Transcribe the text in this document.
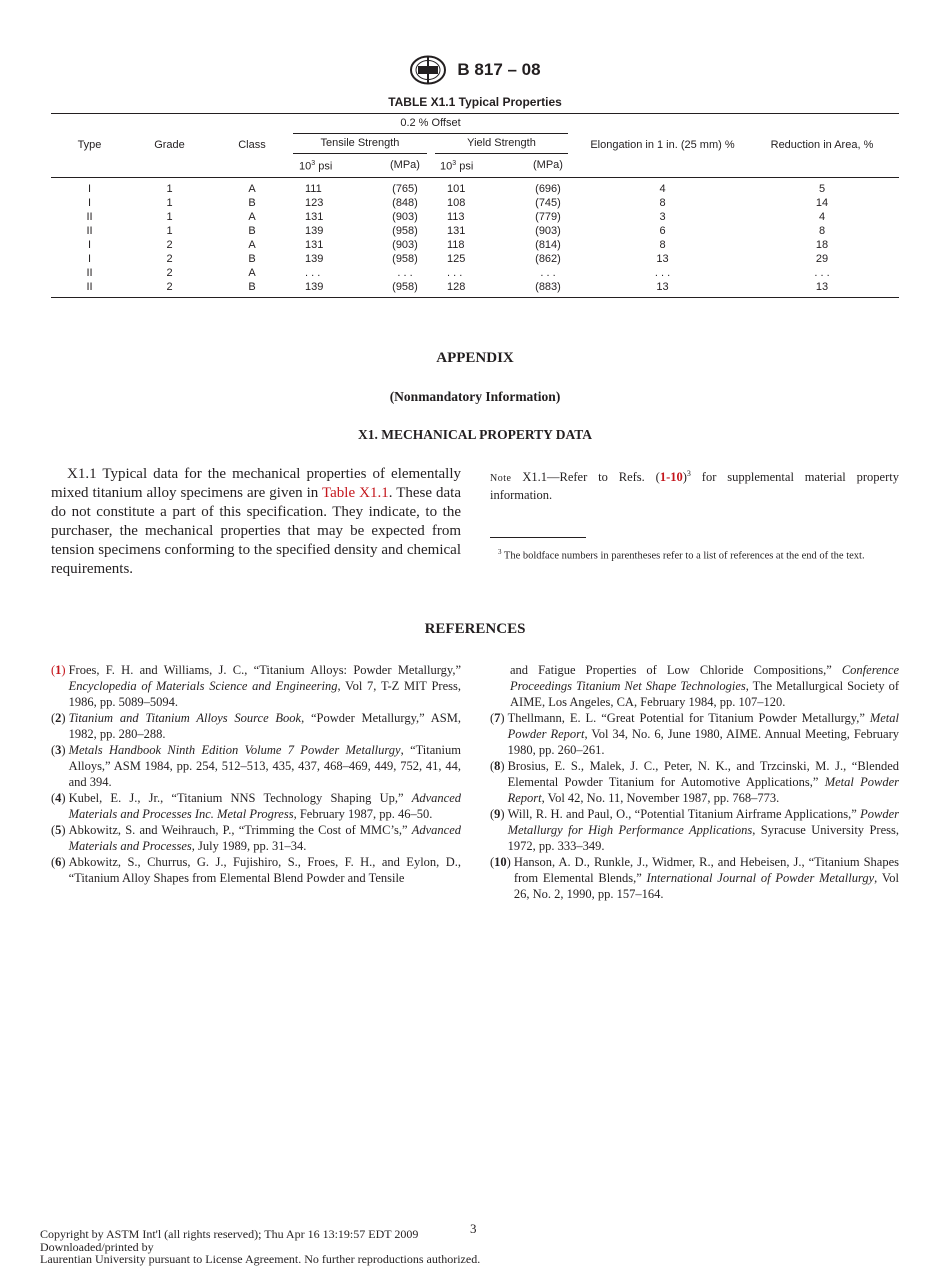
B 817 – 08
TABLE X1.1 Typical Properties
Type	Grade	Class	0.2 % Offset						Elongation in 1 in. (25 mm) %	Reduction in Area, %
			Tensile Strength			Yield Strength				
			$10^3$ psi	(MPa)		$10^3$ psi	(MPa)			
I	1	A	111	(765)		101	(696)		4	5
I	1	B	123	(848)		108	(745)		8	14
II	1	A	131	(903)		113	(779)		3	4
II	1	B	139	(958)		131	(903)		6	8
I	2	A	131	(903)		118	(814)		8	18
I	2	B	139	(958)		125	(862)		13	29
II	2	A	. . .	. . .		. . .	. . .		. . .	. . .
II	2	B	139	(958)		128	(883)		13	13
APPENDIX
(Nonmandatory Information)
X1. MECHANICAL PROPERTY DATA
X1.1 Typical data for the mechanical properties of elementally mixed titanium alloy specimens are given in Table X1.1. These data do not constitute a part of this specification. They indicate, to the purchaser, the mechanical properties that may be expected from tension specimens conforming to the specified density and chemical requirements.
Note X1.1—Refer to Refs. $(1-10)^3$ for supplemental material property information.
$^3$ The boldface numbers in parentheses refer to a list of references at the end of the text.
REFERENCES
(1) Froes, F. H. and Williams, J. C., “Titanium Alloys: Powder Metallurgy,” Encyclopedia of Materials Science and Engineering, Vol 7, T-Z MIT Press, 1986, pp. 5089–5094.
(2) Titanium and Titanium Alloys Source Book, “Powder Metallurgy,” ASM, 1982, pp. 280–288.
(3) Metals Handbook Ninth Edition Volume 7 Powder Metallurgy, “Titanium Alloys,” ASM 1984, pp. 254, 512–513, 435, 437, 468–469, 449, 752, 41, 44, and 394.
(4) Kubel, E. J., Jr., “Titanium NNS Technology Shaping Up,” Advanced Materials and Processes Inc. Metal Progress, February 1987, pp. 46–50.
(5) Abkowitz, S. and Weihrauch, P., “Trimming the Cost of MMC’s,” Advanced Materials and Processes, July 1989, pp. 31–34.
(6) Abkowitz, S., Churrus, G. J., Fujishiro, S., Froes, F. H., and Eylon, D., “Titanium Alloy Shapes from Elemental Blend Powder and Tensile
and Fatigue Properties of Low Chloride Compositions,” Conference Proceedings Titanium Net Shape Technologies, The Metallurgical Society of AIME, Los Angeles, CA, February 1984, pp. 107–120.
(7) Thellmann, E. L. “Great Potential for Titanium Powder Metallurgy,” Metal Powder Report, Vol 34, No. 6, June 1980, AIME. Annual Meeting, February 1980, pp. 260–261.
(8) Brosius, E. S., Malek, J. C., Peter, N. K., and Trzcinski, M. J., “Blended Elemental Powder Titanium for Automotive Applications,” Metal Powder Report, Vol 42, No. 11, November 1987, pp. 768–773.
(9) Will, R. H. and Paul, O., “Potential Titanium Airframe Applications,” Powder Metallurgy for High Performance Applications, Syracuse University Press, 1972, pp. 333–349.
(10) Hanson, A. D., Runkle, J., Widmer, R., and Hebeisen, J., “Titanium Shapes from Elemental Blends,” International Journal of Powder Metallurgy, Vol 26, No. 2, 1990, pp. 157–164.
3
Copyright by ASTM Int'l (all rights reserved); Thu Apr 16 13:19:57 EDT 2009
Downloaded/printed by
Laurentian University pursuant to License Agreement. No further reproductions authorized.
